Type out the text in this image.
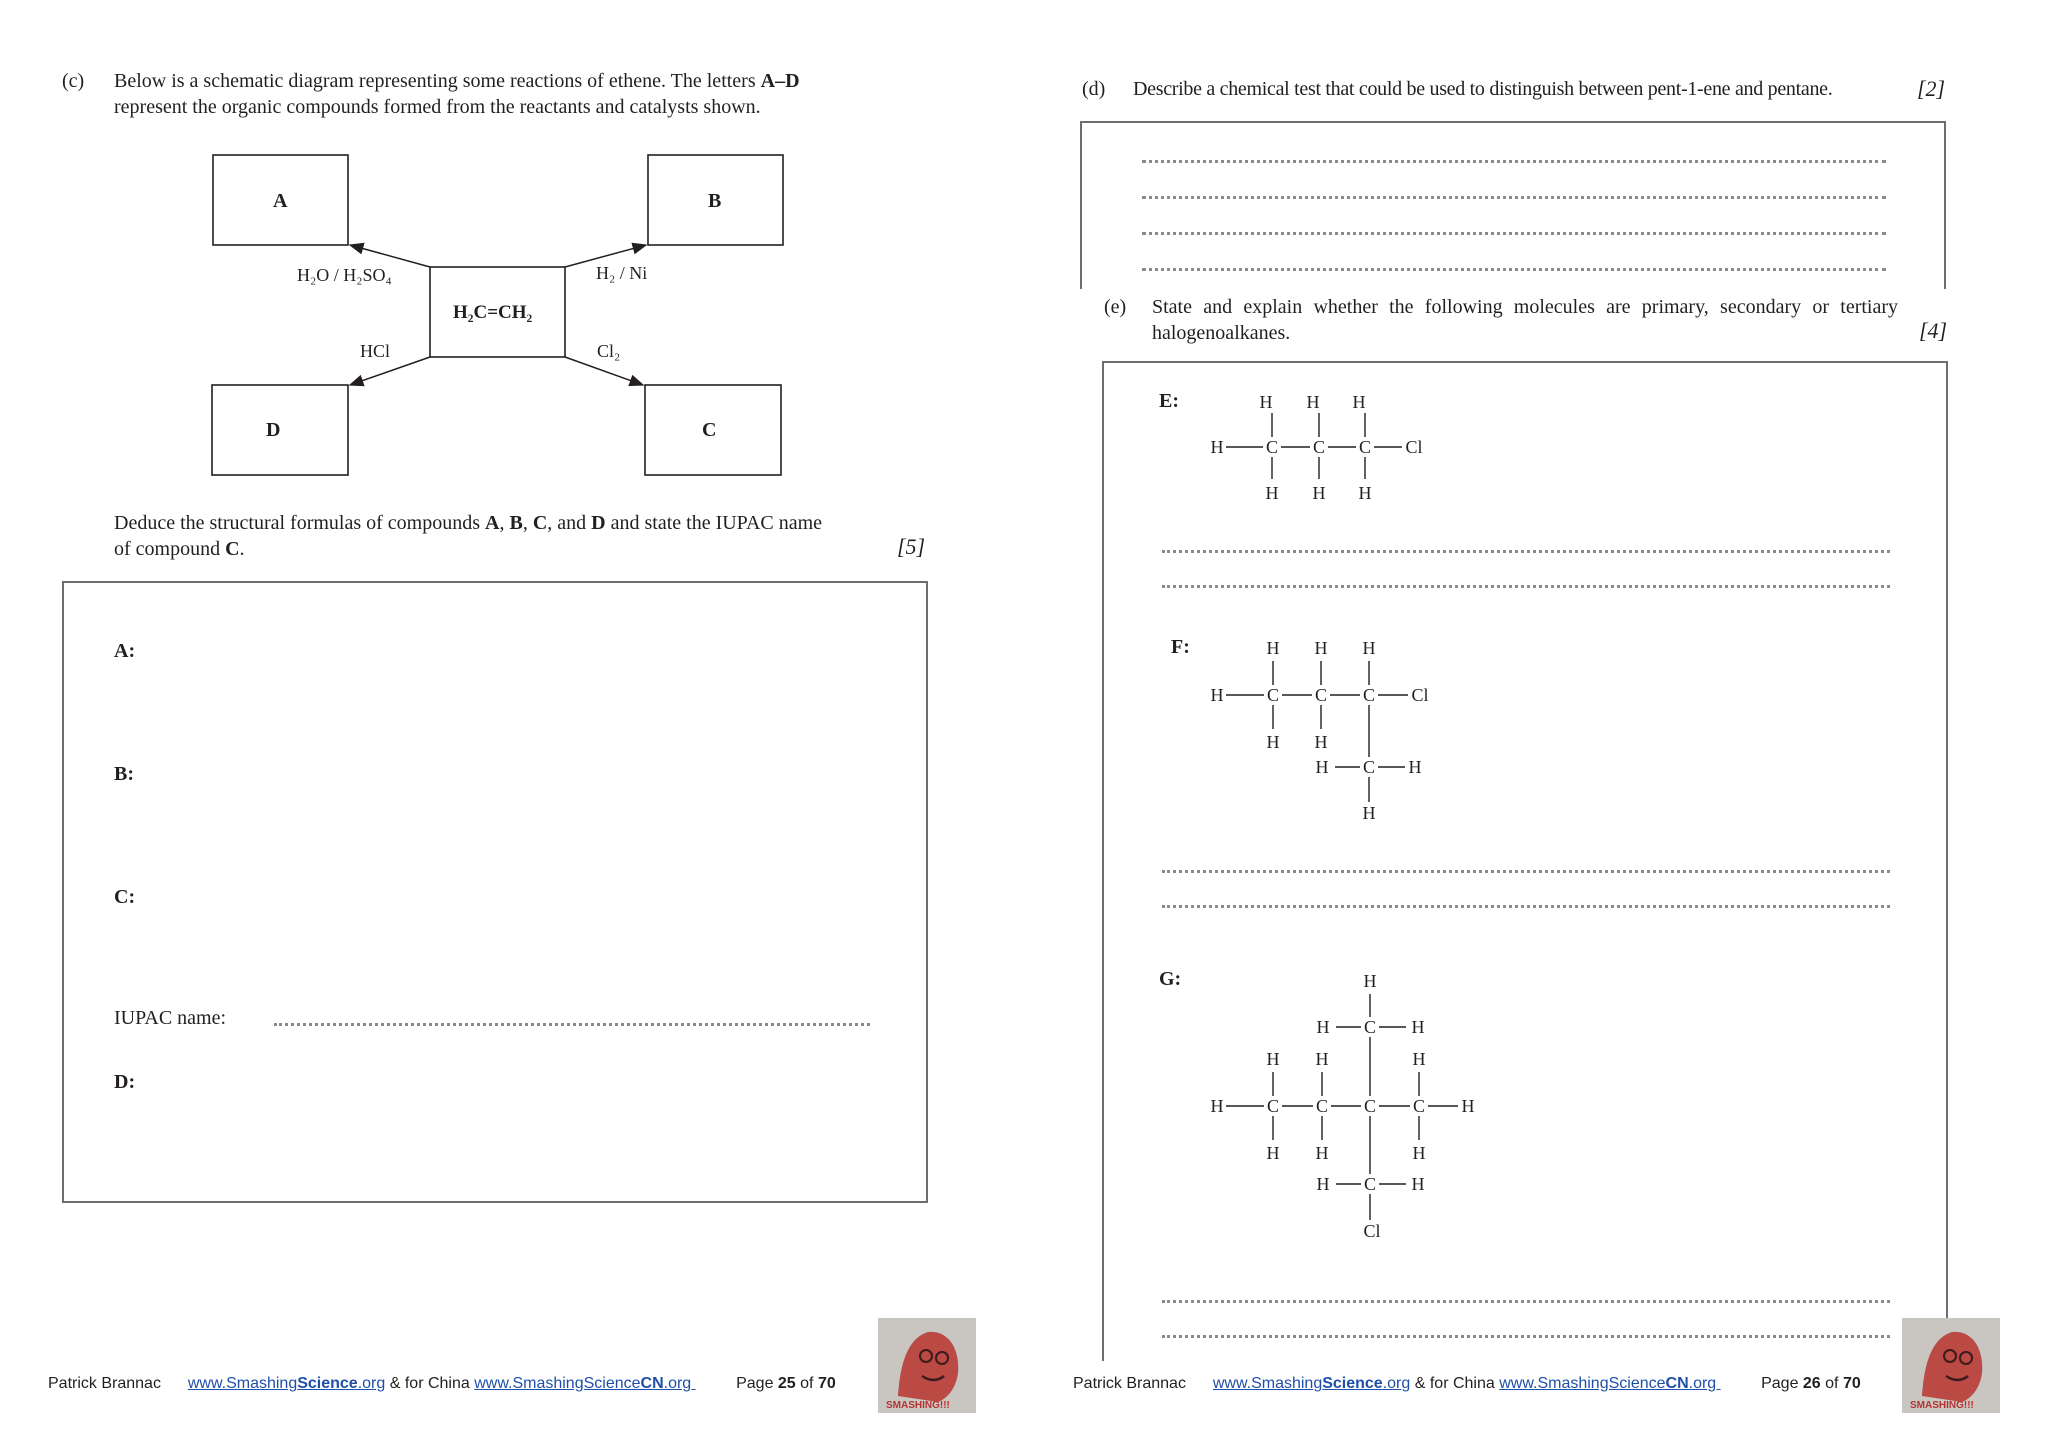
(c) Below is a schematic diagram representing some reactions of ethene. The letters A–D
represent the organic compounds formed from the reactants and catalysts shown.
A	B
D	C
H₂C=CH₂
H₂O / H₂SO₄	H₂ / Ni
HCl	Cl₂
Deduce the structural formulas of compounds A, B, C, and D and state the IUPAC name
of compound C.	[5]
A:
B:
C:
IUPAC name:
D:
Patrick Brannac www.SmashingScience.org & for China www.SmashingScienceCN.org	Page 25 of 70
SMASHING!!!
(d) Describe a chemical test that could be used to distinguish between pent-1-ene and pentane.	[2]
(e) State and explain whether the following molecules are primary, secondary or tertiary
halogenoalkanes.	[4]
E:	H H H
H C C C Cl
H H H
F:	H H H
H C C C Cl
H H
H C H
H
G:	H
H C H
H H	H
H C C C C H
H H	H
H C H
Cl
Patrick Brannac www.SmashingScience.org & for China www.SmashingScienceCN.org	Page 26 of 70
SMASHING!!!
